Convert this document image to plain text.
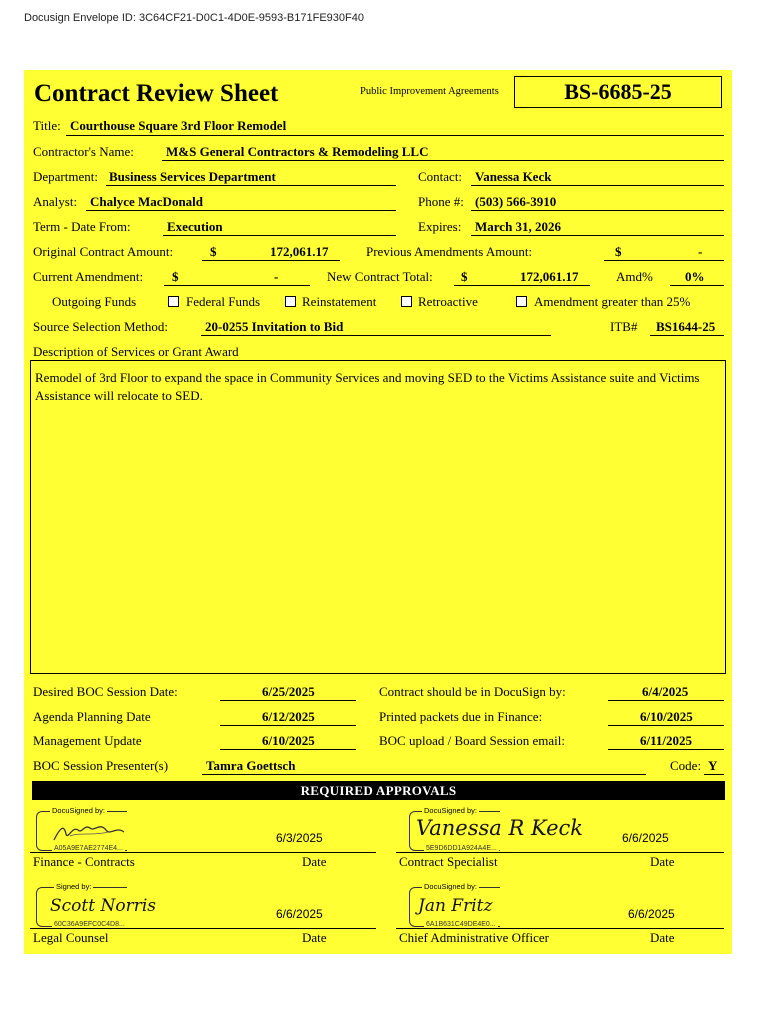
Docusign Envelope ID: 3C64CF21-D0C1-4D0E-9593-B171FE930F40
Contract Review Sheet	Public Improvement Agreements	BS-6685-25
Title: Courthouse Square 3rd Floor Remodel
Contractor's Name: M&S General Contractors & Remodeling LLC
Department: Business Services Department	Contact: Vanessa Keck
Analyst: Chalyce MacDonald	Phone #: (503) 566-3910
Term - Date From:	Execution	Expires: March 31, 2026
Original Contract Amount:	$	172,061.17	Previous Amendments Amount:	$	-
Current Amendment: $	-	New Contract Total: $	172,061.17	Amd% 0%
Outgoing Funds	Federal Funds	Reinstatement	Retroactive	Amendment greater than 25%
Source Selection Method:	20-0255 Invitation to Bid	ITB# BS1644-25
Description of Services or Grant Award
Remodel of 3rd Floor to expand the space in Community Services and moving SED to the Victims Assistance suite and Victims Assistance will relocate to SED.
Desired BOC Session Date:	6/25/2025	Contract should be in DocuSign by:	6/4/2025
Agenda Planning Date	6/12/2025	Printed packets due in Finance:	6/10/2025
Management Update	6/10/2025	BOC upload / Board Session email:	6/11/2025
BOC Session Presenter(s)	Tamra Goettsch	Code: Y
REQUIRED APPROVALS
DocuSigned by:
A05A9E7AE2774E4...
6/3/2025
Finance - Contracts	Date
DocuSigned by:
Vanessa R Keck
5E9D6DD1A924A4E...
6/6/2025
Contract Specialist	Date
Signed by:
Scott Norris
60C36A9EFC0C4D8...
6/6/2025
Legal Counsel	Date
DocuSigned by:
Jan Fritz
6A1B631C49DE4E0...
6/6/2025
Chief Administrative Officer	Date
